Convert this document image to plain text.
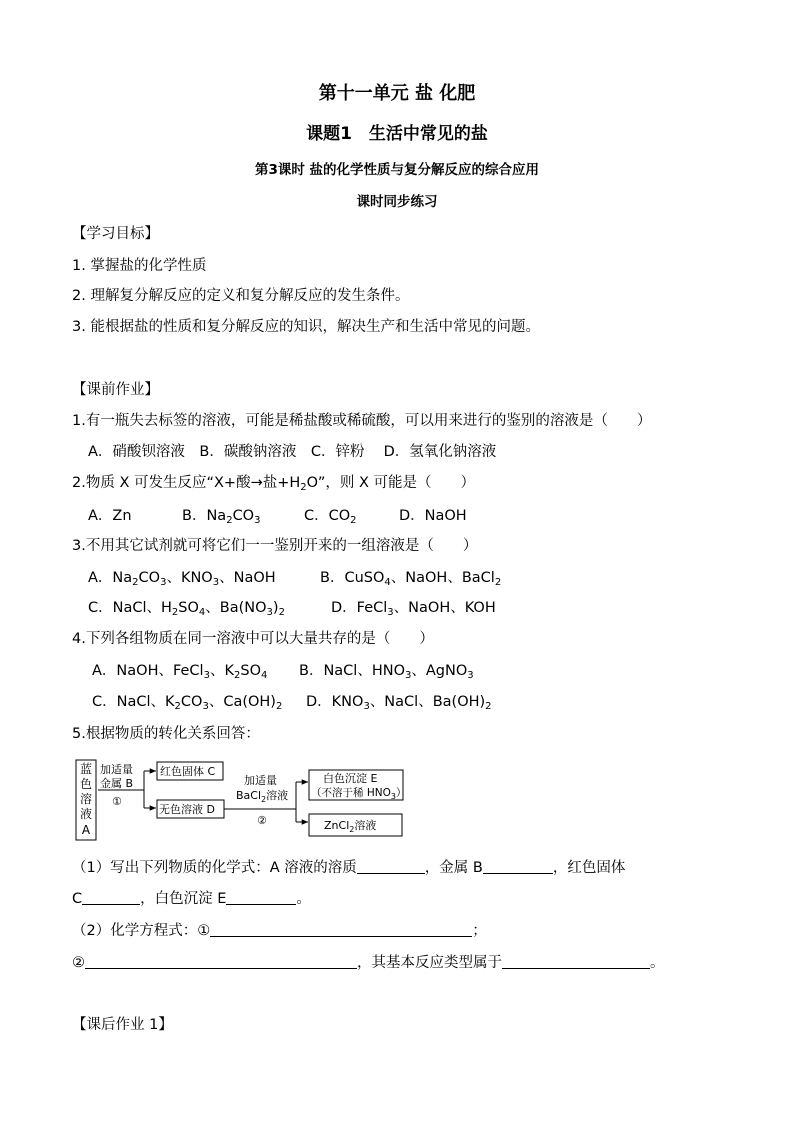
第十一单元 盐 化肥
课题1　生活中常见的盐
第3课时 盐的化学性质与复分解反应的综合应用
课时同步练习
【学习目标】
1. 掌握盐的化学性质
2. 理解复分解反应的定义和复分解反应的发生条件。
3. 能根据盐的性质和复分解反应的知识，解决生产和生活中常见的问题。
【课前作业】
1.有一瓶失去标签的溶液，可能是稀盐酸或稀硫酸，可以用来进行的鉴别的溶液是（　　）
A．硝酸钡溶液　B．碳酸钠溶液　C．锌粉　 D．氢氧化钠溶液
2.物质 X 可发生反应“X+酸→盐$+H_2O$”，则 X 可能是（　　）
A．Zn	B．$Na_2CO_3$	C．$CO_2$	D．NaOH
3.不用其它试剂就可将它们一一鉴别开来的一组溶液是（　　）
A．$Na_2CO_3$、$KNO_3$、NaOH	B．CuSO$_4$、NaOH、BaCl$_2$
C．NaCl、$H_2SO_4$、$Ba(NO_3)_2$	D．FeCl$_3$、NaOH、KOH
4.下列各组物质在同一溶液中可以大量共存的是（　　）
A．NaOH、FeCl$_3$、$K_2SO_4$ B．NaCl、$HNO_3$、AgNO$_3$
C．NaCl、$K_2CO_3$、$Ca(OH)_2$ D．$KNO_3$、NaCl、$Ba(OH)_2$
5.根据物质的转化关系回答：
蓝
色
溶
液
A
加适量
金属 B
①
红色固体 C
无色溶液 D
加适量
BaCl$_2$溶液
②
白色沉淀 E
（不溶于稀 $HNO_3$）
ZnCl$_2$溶液
（1）写出下列物质的化学式：A 溶液的溶质	，金属 B	，红色固体
C	，白色沉淀 E	。
（2）化学方程式：①	；
②	，其基本反应类型属于	。
【课后作业 1】
